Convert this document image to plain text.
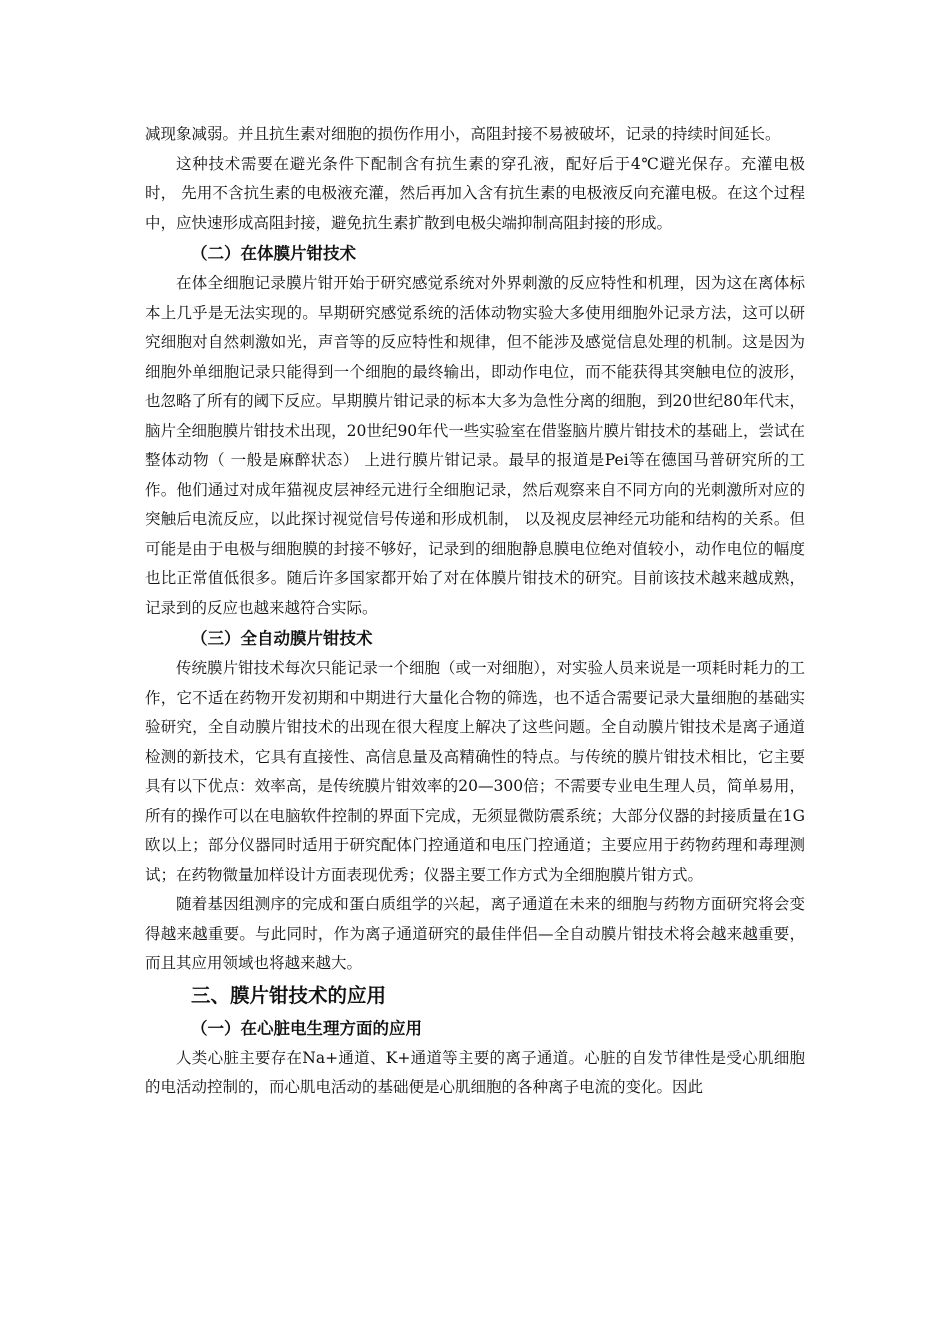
减现象减弱。并且抗生素对细胞的损伤作用小，高阻封接不易被破坏，记录的持续时间延长。

这种技术需要在避光条件下配制含有抗生素的穿孔液，配好后于4℃避光保存。充灌电极时， 先用不含抗生素的电极液充灌，然后再加入含有抗生素的电极液反向充灌电极。在这个过程中，应快速形成高阻封接，避免抗生素扩散到电极尖端抑制高阻封接的形成。

（二）在体膜片钳技术

在体全细胞记录膜片钳开始于研究感觉系统对外界刺激的反应特性和机理，因为这在离体标本上几乎是无法实现的。早期研究感觉系统的活体动物实验大多使用细胞外记录方法，这可以研究细胞对自然刺激如光，声音等的反应特性和规律，但不能涉及感觉信息处理的机制。这是因为细胞外单细胞记录只能得到一个细胞的最终输出，即动作电位，而不能获得其突触电位的波形，也忽略了所有的阈下反应。早期膜片钳记录的标本大多为急性分离的细胞，到20世纪80年代末，脑片全细胞膜片钳技术出现，20世纪90年代一些实验室在借鉴脑片膜片钳技术的基础上，尝试在整体动物（ 一般是麻醉状态） 上进行膜片钳记录。最早的报道是Pei等在德国马普研究所的工作。他们通过对成年猫视皮层神经元进行全细胞记录，然后观察来自不同方向的光刺激所对应的突触后电流反应，以此探讨视觉信号传递和形成机制， 以及视皮层神经元功能和结构的关系。但可能是由于电极与细胞膜的封接不够好，记录到的细胞静息膜电位绝对值较小，动作电位的幅度也比正常值低很多。随后许多国家都开始了对在体膜片钳技术的研究。目前该技术越来越成熟，记录到的反应也越来越符合实际。

（三）全自动膜片钳技术

传统膜片钳技术每次只能记录一个细胞（或一对细胞），对实验人员来说是一项耗时耗力的工作，它不适在药物开发初期和中期进行大量化合物的筛选，也不适合需要记录大量细胞的基础实验研究，全自动膜片钳技术的出现在很大程度上解决了这些问题。全自动膜片钳技术是离子通道检测的新技术，它具有直接性、高信息量及高精确性的特点。与传统的膜片钳技术相比，它主要具有以下优点：效率高，是传统膜片钳效率的20—300倍；不需要专业电生理人员，简单易用，所有的操作可以在电脑软件控制的界面下完成，无须显微防震系统；大部分仪器的封接质量在1G欧以上；部分仪器同时适用于研究配体门控通道和电压门控通道；主要应用于药物药理和毒理测试；在药物微量加样设计方面表现优秀；仪器主要工作方式为全细胞膜片钳方式。

随着基因组测序的完成和蛋白质组学的兴起，离子通道在未来的细胞与药物方面研究将会变得越来越重要。与此同时，作为离子通道研究的最佳伴侣—全自动膜片钳技术将会越来越重要，而且其应用领域也将越来越大。

三、膜片钳技术的应用
（一）在心脏电生理方面的应用

人类心脏主要存在Na+通道、K+通道等主要的离子通道。心脏的自发节律性是受心肌细胞的电活动控制的，而心肌电活动的基础便是心肌细胞的各种离子电流的变化。因此
